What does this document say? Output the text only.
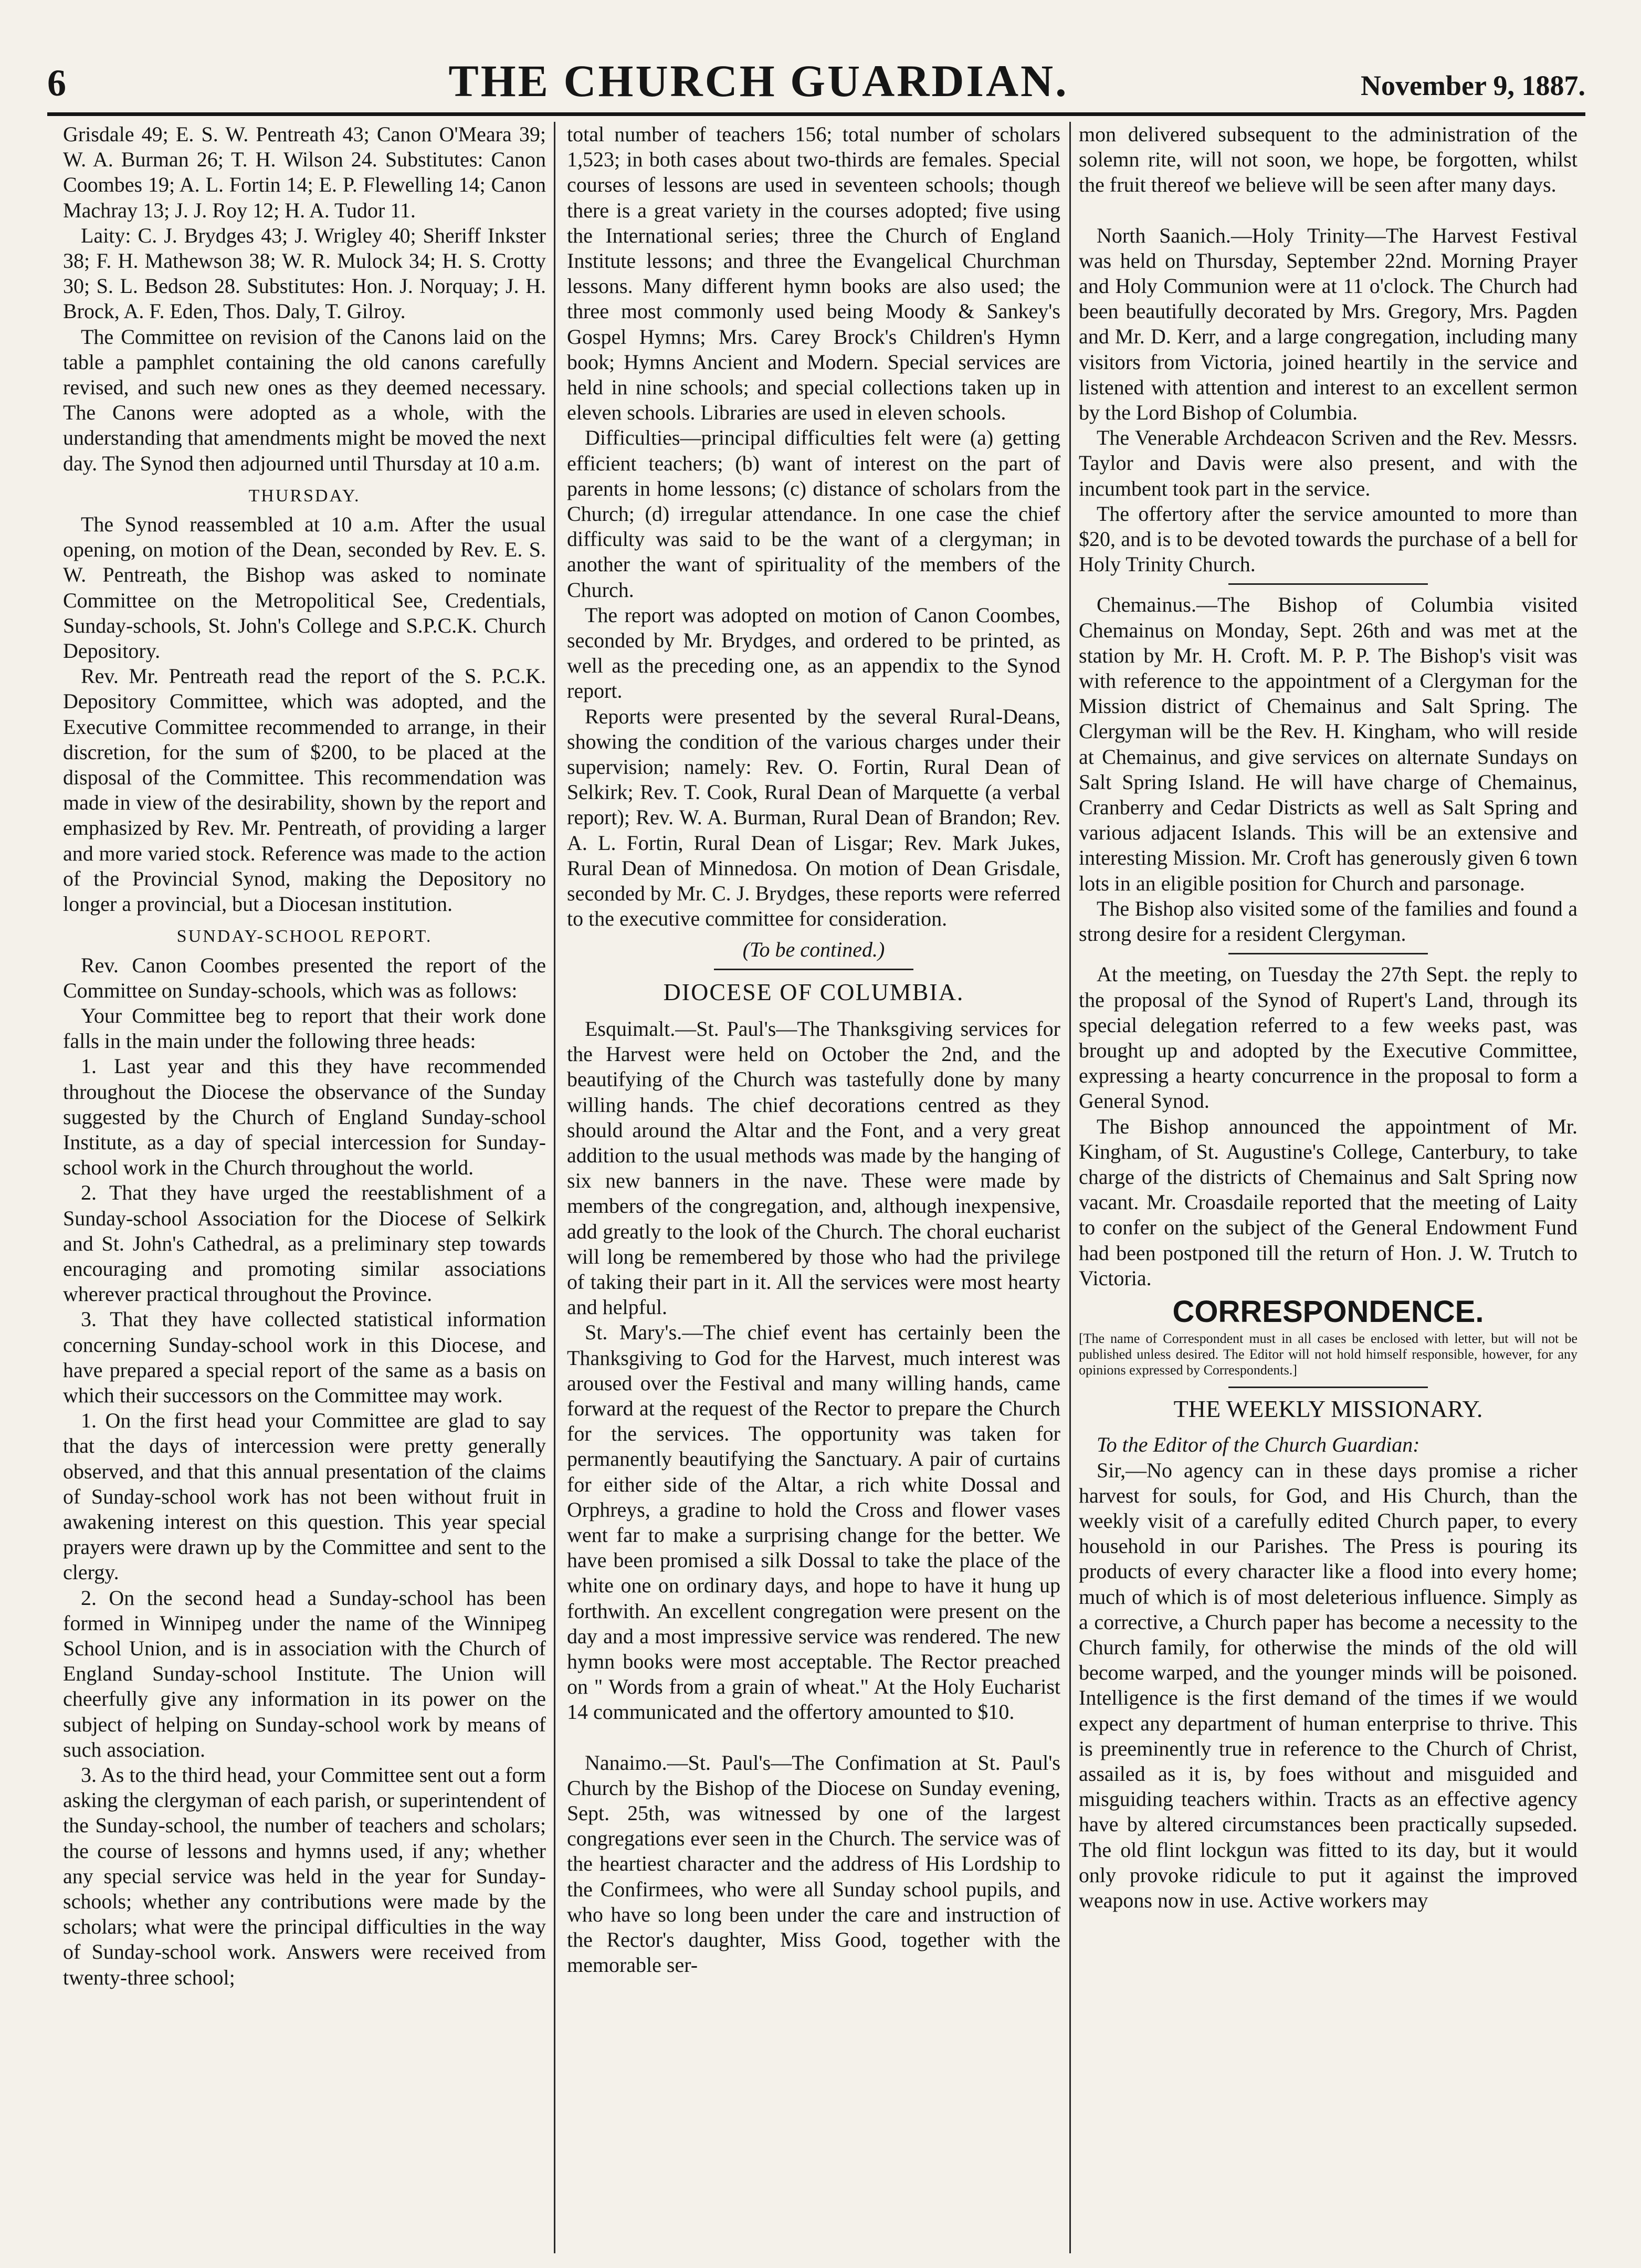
6	THE CHURCH GUARDIAN.	November 9, 1887.

Grisdale 49; E. S. W. Pentreath 43; Canon O'Meara 39; W. A. Burman 26; T. H. Wilson 24. Substitutes: Canon Coombes 19; A. L. Fortin 14; E. P. Flewelling 14; Canon Machray 13; J. J. Roy 12; H. A. Tudor 11.

Laity: C. J. Brydges 43; J. Wrigley 40; Sheriff Inkster 38; F. H. Mathewson 38; W. R. Mulock 34; H. S. Crotty 30; S. L. Bedson 28. Substitutes: Hon. J. Norquay; J. H. Brock, A. F. Eden, Thos. Daly, T. Gilroy.

The Committee on revision of the Canons laid on the table a pamphlet containing the old canons carefully revised, and such new ones as they deemed necessary. The Canons were adopted as a whole, with the understanding that amendments might be moved the next day. The Synod then adjourned until Thursday at 10 a.m.

THURSDAY.

The Synod reassembled at 10 a.m. After the usual opening, on motion of the Dean, seconded by Rev. E. S. W. Pentreath, the Bishop was asked to nominate Committee on the Metropolitical See, Credentials, Sunday-schools, St. John's College and S.P.C.K. Church Depository.

Rev. Mr. Pentreath read the report of the S. P.C.K. Depository Committee, which was adopted, and the Executive Committee recommended to arrange, in their discretion, for the sum of $200, to be placed at the disposal of the Committee. This recommendation was made in view of the desirability, shown by the report and emphasized by Rev. Mr. Pentreath, of providing a larger and more varied stock. Reference was made to the action of the Provincial Synod, making the Depository no longer a provincial, but a Diocesan institution.

SUNDAY-SCHOOL REPORT.

Rev. Canon Coombes presented the report of the Committee on Sunday-schools, which was as follows:

Your Committee beg to report that their work done falls in the main under the following three heads:

1. Last year and this they have recommended throughout the Diocese the observance of the Sunday suggested by the Church of England Sunday-school Institute, as a day of special intercession for Sunday-school work in the Church throughout the world.

2. That they have urged the reestablishment of a Sunday-school Association for the Diocese of Selkirk and St. John's Cathedral, as a preliminary step towards encouraging and promoting similar associations wherever practical throughout the Province.

3. That they have collected statistical information concerning Sunday-school work in this Diocese, and have prepared a special report of the same as a basis on which their successors on the Committee may work.

1. On the first head your Committee are glad to say that the days of intercession were pretty generally observed, and that this annual presentation of the claims of Sunday-school work has not been without fruit in awakening interest on this question. This year special prayers were drawn up by the Committee and sent to the clergy.

2. On the second head a Sunday-school has been formed in Winnipeg under the name of the Winnipeg School Union, and is in association with the Church of England Sunday-school Institute. The Union will cheerfully give any information in its power on the subject of helping on Sunday-school work by means of such association.

3. As to the third head, your Committee sent out a form asking the clergyman of each parish, or superintendent of the Sunday-school, the number of teachers and scholars; the course of lessons and hymns used, if any; whether any special service was held in the year for Sunday-schools; whether any contributions were made by the scholars; what were the principal difficulties in the way of Sunday-school work. Answers were received from twenty-three school;

total number of teachers 156; total number of scholars 1,523; in both cases about two-thirds are females. Special courses of lessons are used in seventeen schools; though there is a great variety in the courses adopted; five using the International series; three the Church of England Institute lessons; and three the Evangelical Churchman lessons. Many different hymn books are also used; the three most commonly used being Moody & Sankey's Gospel Hymns; Mrs. Carey Brock's Children's Hymn book; Hymns Ancient and Modern. Special services are held in nine schools; and special collections taken up in eleven schools. Libraries are used in eleven schools.

Difficulties—principal difficulties felt were (a) getting efficient teachers; (b) want of interest on the part of parents in home lessons; (c) distance of scholars from the Church; (d) irregular attendance. In one case the chief difficulty was said to be the want of a clergyman; in another the want of spirituality of the members of the Church.

The report was adopted on motion of Canon Coombes, seconded by Mr. Brydges, and ordered to be printed, as well as the preceding one, as an appendix to the Synod report.

Reports were presented by the several Rural-Deans, showing the condition of the various charges under their supervision; namely: Rev. O. Fortin, Rural Dean of Selkirk; Rev. T. Cook, Rural Dean of Marquette (a verbal report); Rev. W. A. Burman, Rural Dean of Brandon; Rev. A. L. Fortin, Rural Dean of Lisgar; Rev. Mark Jukes, Rural Dean of Minnedosa. On motion of Dean Grisdale, seconded by Mr. C. J. Brydges, these reports were referred to the executive committee for consideration.

(To be contined.)
DIOCESE OF COLUMBIA.

Esquimalt.—St. Paul's—The Thanksgiving services for the Harvest were held on October the 2nd, and the beautifying of the Church was tastefully done by many willing hands. The chief decorations centred as they should around the Altar and the Font, and a very great addition to the usual methods was made by the hanging of six new banners in the nave. These were made by members of the congregation, and, although inexpensive, add greatly to the look of the Church. The choral eucharist will long be remembered by those who had the privilege of taking their part in it. All the services were most hearty and helpful.

St. Mary's.—The chief event has certainly been the Thanksgiving to God for the Harvest, much interest was aroused over the Festival and many willing hands, came forward at the request of the Rector to prepare the Church for the services. The opportunity was taken for permanently beautifying the Sanctuary. A pair of curtains for either side of the Altar, a rich white Dossal and Orphreys, a gradine to hold the Cross and flower vases went far to make a surprising change for the better. We have been promised a silk Dossal to take the place of the white one on ordinary days, and hope to have it hung up forthwith. An excellent congregation were present on the day and a most impressive service was rendered. The new hymn books were most acceptable. The Rector preached on " Words from a grain of wheat." At the Holy Eucharist 14 communicated and the offertory amounted to $10.

Nanaimo.—St. Paul's—The Confimation at St. Paul's Church by the Bishop of the Diocese on Sunday evening, Sept. 25th, was witnessed by one of the largest congregations ever seen in the Church. The service was of the heartiest character and the address of His Lordship to the Confirmees, who were all Sunday school pupils, and who have so long been under the care and instruction of the Rector's daughter, Miss Good, together with the memorable ser-

mon delivered subsequent to the administration of the solemn rite, will not soon, we hope, be forgotten, whilst the fruit thereof we believe will be seen after many days.

North Saanich.—Holy Trinity—The Harvest Festival was held on Thursday, September 22nd. Morning Prayer and Holy Communion were at 11 o'clock. The Church had been beautifully decorated by Mrs. Gregory, Mrs. Pagden and Mr. D. Kerr, and a large congregation, including many visitors from Victoria, joined heartily in the service and listened with attention and interest to an excellent sermon by the Lord Bishop of Columbia.

The Venerable Archdeacon Scriven and the Rev. Messrs. Taylor and Davis were also present, and with the incumbent took part in the service.

The offertory after the service amounted to more than $20, and is to be devoted towards the purchase of a bell for Holy Trinity Church.

Chemainus.—The Bishop of Columbia visited Chemainus on Monday, Sept. 26th and was met at the station by Mr. H. Croft. M. P. P. The Bishop's visit was with reference to the appointment of a Clergyman for the Mission district of Chemainus and Salt Spring. The Clergyman will be the Rev. H. Kingham, who will reside at Chemainus, and give services on alternate Sundays on Salt Spring Island. He will have charge of Chemainus, Cranberry and Cedar Districts as well as Salt Spring and various adjacent Islands. This will be an extensive and interesting Mission. Mr. Croft has generously given 6 town lots in an eligible position for Church and parsonage.

The Bishop also visited some of the families and found a strong desire for a resident Clergyman.

At the meeting, on Tuesday the 27th Sept. the reply to the proposal of the Synod of Rupert's Land, through its special delegation referred to a few weeks past, was brought up and adopted by the Executive Committee, expressing a hearty concurrence in the proposal to form a General Synod.

The Bishop announced the appointment of Mr. Kingham, of St. Augustine's College, Canterbury, to take charge of the districts of Chemainus and Salt Spring now vacant. Mr. Croasdaile reported that the meeting of Laity to confer on the subject of the General Endowment Fund had been postponed till the return of Hon. J. W. Trutch to Victoria.

CORRESPONDENCE.

[The name of Correspondent must in all cases be enclosed with letter, but will not be published unless desired. The Editor will not hold himself responsible, however, for any opinions expressed by Correspondents.]

THE WEEKLY MISSIONARY.

To the Editor of the Church Guardian:

Sir,—No agency can in these days promise a richer harvest for souls, for God, and His Church, than the weekly visit of a carefully edited Church paper, to every household in our Parishes. The Press is pouring its products of every character like a flood into every home; much of which is of most deleterious influence. Simply as a corrective, a Church paper has become a necessity to the Church family, for otherwise the minds of the old will become warped, and the younger minds will be poisoned. Intelligence is the first demand of the times if we would expect any department of human enterprise to thrive. This is preeminently true in reference to the Church of Christ, assailed as it is, by foes without and misguided and misguiding teachers within. Tracts as an effective agency have by altered circumstances been practically supseded. The old flint lockgun was fitted to its day, but it would only provoke ridicule to put it against the improved weapons now in use. Active workers may
